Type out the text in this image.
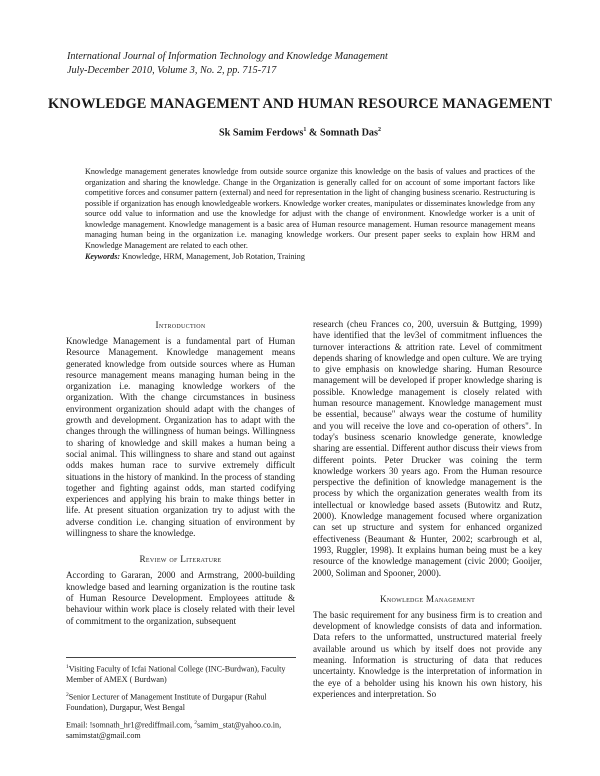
International Journal of Information Technology and Knowledge Management
July-December 2010, Volume 3, No. 2, pp. 715-717
KNOWLEDGE MANAGEMENT AND HUMAN RESOURCE MANAGEMENT
Sk Samim Ferdows$^1$ & Somnath Das$^2$

Knowledge management generates knowledge from outside source organize this knowledge on the basis of values and practices of the organization and sharing the knowledge. Change in the Organization is generally called for on account of some important factors like competitive forces and consumer pattern (external) and need for representation in the light of changing business scenario. Restructuring is possible if organization has enough knowledgeable workers. Knowledge worker creates, manipulates or disseminates knowledge from any source odd value to information and use the knowledge for adjust with the change of environment. Knowledge worker is a unit of knowledge management. Knowledge management is a basic area of Human resource management. Human resource management means managing human being in the organization i.e. managing knowledge workers. Our present paper seeks to explain how HRM and Knowledge Management are related to each other.

Keywords: Knowledge, HRM, Management, Job Rotation, Training

Introduction

Knowledge Management is a fundamental part of Human Resource Management. Knowledge management means generated knowledge from outside sources where as Human resource management means managing human being in the organization i.e. managing knowledge workers of the organization. With the change circumstances in business environment organization should adapt with the changes of growth and development. Organization has to adapt with the changes through the willingness of human beings. Willingness to sharing of knowledge and skill makes a human being a social animal. This willingness to share and stand out against odds makes human race to survive extremely difficult situations in the history of mankind. In the process of standing together and fighting against odds, man started codifying experiences and applying his brain to make things better in life. At present situation organization try to adjust with the adverse condition i.e. changing situation of environment by willingness to share the knowledge.

Review of Literature

According to Gararan, 2000 and Armstrang, 2000-building knowledge based and learning organization is the routine task of Human Resource Development. Employees attitude & behaviour within work place is closely related with their level of commitment to the organization, subsequent

research (cheu Frances co, 200, uversuin & Buttging, 1999) have identified that the lev3el of commitment influences the turnover interactions & attrition rate. Level of commitment depends sharing of knowledge and open culture. We are trying to give emphasis on knowledge sharing. Human Resource management will be developed if proper knowledge sharing is possible. Knowledge management is closely related with human resource management. Knowledge management must be essential, because" always wear the costume of humility and you will receive the love and co-operation of others". In today's business scenario knowledge generate, knowledge sharing are essential. Different author discuss their views from different points. Peter Drucker was coining the term knowledge workers 30 years ago. From the Human resource perspective the definition of knowledge management is the process by which the organization generates wealth from its intellectual or knowledge based assets (Butowitz and Rutz, 2000). Knowledge management focused where organization can set up structure and system for enhanced organized effectiveness (Beaumant & Hunter, 2002; scarbrough et al, 1993, Ruggler, 1998). It explains human being must be a key resource of the knowledge management (civic 2000; Gooijer, 2000, Soliman and Spooner, 2000).

Knowledge Management

The basic requirement for any business firm is to creation and development of knowledge consists of data and information. Data refers to the unformatted, unstructured material freely available around us which by itself does not provide any meaning. Information is structuring of data that reduces uncertainty. Knowledge is the interpretation of information in the eye of a beholder using his known his own history, his experiences and interpretation. So

$^1$Visiting Faculty of Icfai National College (INC-Burdwan), Faculty Member of AMEX ( Burdwan)

$^2$Senior Lecturer of Management Institute of Durgapur (Rahul Foundation), Durgapur, West Bengal

Email: !somnath_hr1@rediffmail.com, $^2$samim_stat@yahoo.co.in, samimstat@gmail.com
